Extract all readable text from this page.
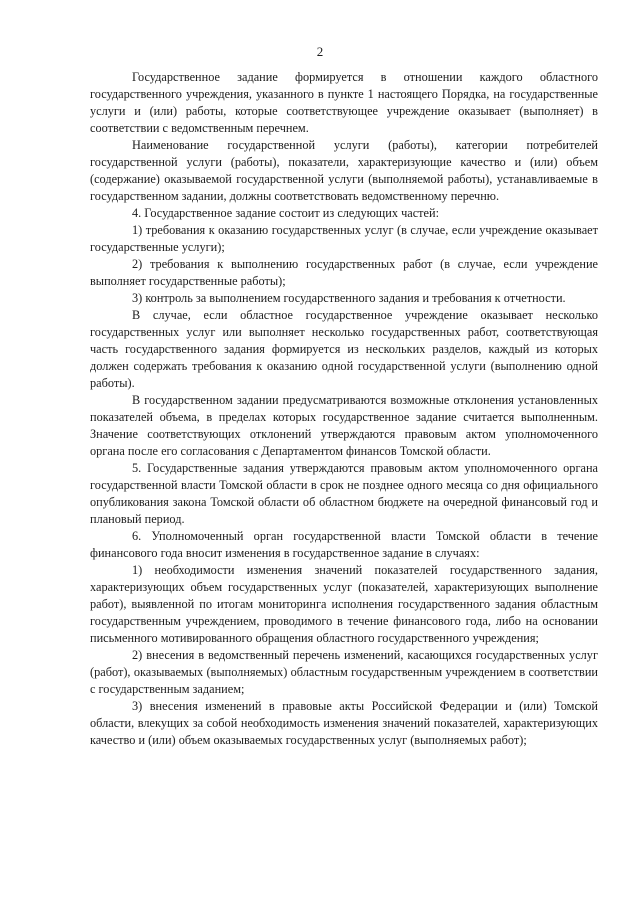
2

Государственное задание формируется в отношении каждого областного государственного учреждения, указанного в пункте 1 настоящего Порядка, на государственные услуги и (или) работы, которые соответствующее учреждение оказывает (выполняет) в соответствии с ведомственным перечнем.

Наименование государственной услуги (работы), категории потребителей государственной услуги (работы), показатели, характеризующие качество и (или) объем (содержание) оказываемой государственной услуги (выполняемой работы), устанавливаемые в государственном задании, должны соответствовать ведомственному перечню.

4. Государственное задание состоит из следующих частей:

1) требования к оказанию государственных услуг (в случае, если учреждение оказывает государственные услуги);

2) требования к выполнению государственных работ (в случае, если учреждение выполняет государственные работы);

3) контроль за выполнением государственного задания и требования к отчетности.

В случае, если областное государственное учреждение оказывает несколько государственных услуг или выполняет несколько государственных работ, соответствующая часть государственного задания формируется из нескольких разделов, каждый из которых должен содержать требования к оказанию одной государственной услуги (выполнению одной работы).

В государственном задании предусматриваются возможные отклонения установленных показателей объема, в пределах которых государственное задание считается выполненным. Значение соответствующих отклонений утверждаются правовым актом уполномоченного органа после его согласования с Департаментом финансов Томской области.

5. Государственные задания утверждаются правовым актом уполномоченного органа государственной власти Томской области в срок не позднее одного месяца со дня официального опубликования закона Томской области об областном бюджете на очередной финансовый год и плановый период.

6. Уполномоченный орган государственной власти Томской области в течение финансового года вносит изменения в государственное задание в случаях:

1) необходимости изменения значений показателей государственного задания, характеризующих объем государственных услуг (показателей, характеризующих выполнение работ), выявленной по итогам мониторинга исполнения государственного задания областным государственным учреждением, проводимого в течение финансового года, либо на основании письменного мотивированного обращения областного государственного учреждения;

2) внесения в ведомственный перечень изменений, касающихся государственных услуг (работ), оказываемых (выполняемых) областным государственным учреждением в соответствии с государственным заданием;

3) внесения изменений в правовые акты Российской Федерации и (или) Томской области, влекущих за собой необходимость изменения значений показателей, характеризующих качество и (или) объем оказываемых государственных услуг (выполняемых работ);
